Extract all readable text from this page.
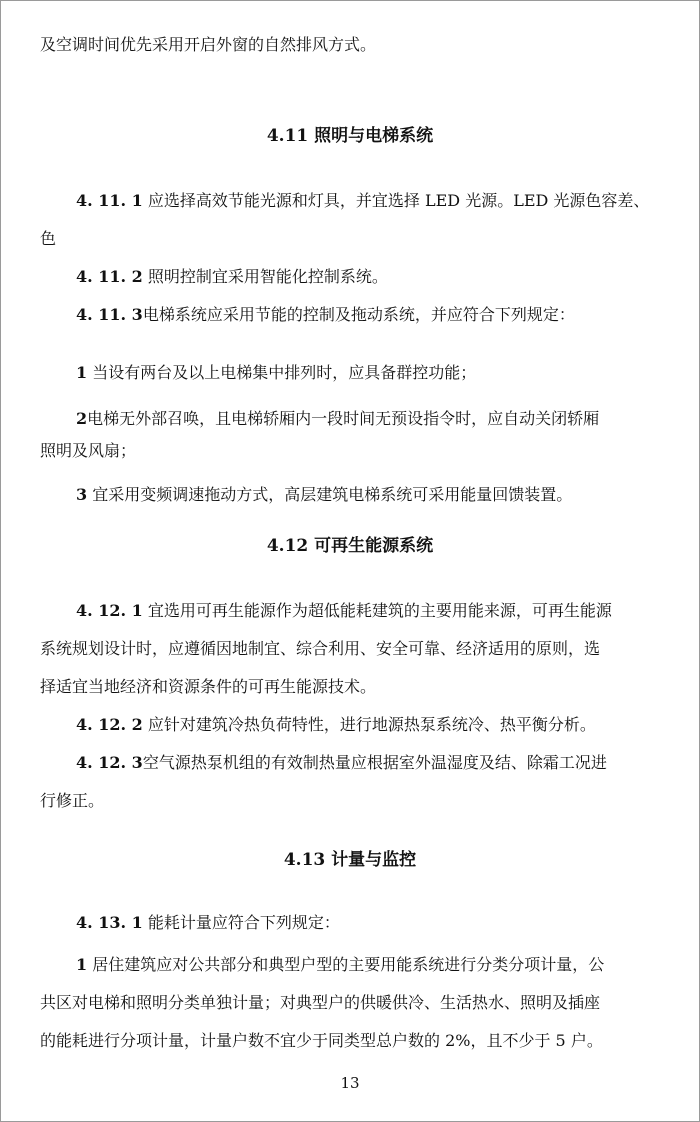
及空调时间优先采用开启外窗的自然排风方式。
4.11 照明与电梯系统
4. 11. 1 应选择高效节能光源和灯具，并宜选择 LED 光源。LED 光源色容差、
色
4. 11. 2 照明控制宜采用智能化控制系统。
4. 11. 3电梯系统应采用节能的控制及拖动系统，并应符合下列规定：
1 当设有两台及以上电梯集中排列时，应具备群控功能；
2电梯无外部召唤，且电梯轿厢内一段时间无预设指令时，应自动关闭轿厢
照明及风扇；
3 宜采用变频调速拖动方式，高层建筑电梯系统可采用能量回馈装置。
4.12 可再生能源系统
4. 12. 1 宜选用可再生能源作为超低能耗建筑的主要用能来源，可再生能源
系统规划设计时，应遵循因地制宜、综合利用、安全可靠、经济适用的原则，选
择适宜当地经济和资源条件的可再生能源技术。
4. 12. 2 应针对建筑冷热负荷特性，进行地源热泵系统冷、热平衡分析。
4. 12. 3空气源热泵机组的有效制热量应根据室外温湿度及结、除霜工况进
行修正。
4.13 计量与监控
4. 13. 1 能耗计量应符合下列规定：
1 居住建筑应对公共部分和典型户型的主要用能系统进行分类分项计量，公
共区对电梯和照明分类单独计量；对典型户的供暖供冷、生活热水、照明及插座
的能耗进行分项计量，计量户数不宜少于同类型总户数的 2%，且不少于 5 户。
13
